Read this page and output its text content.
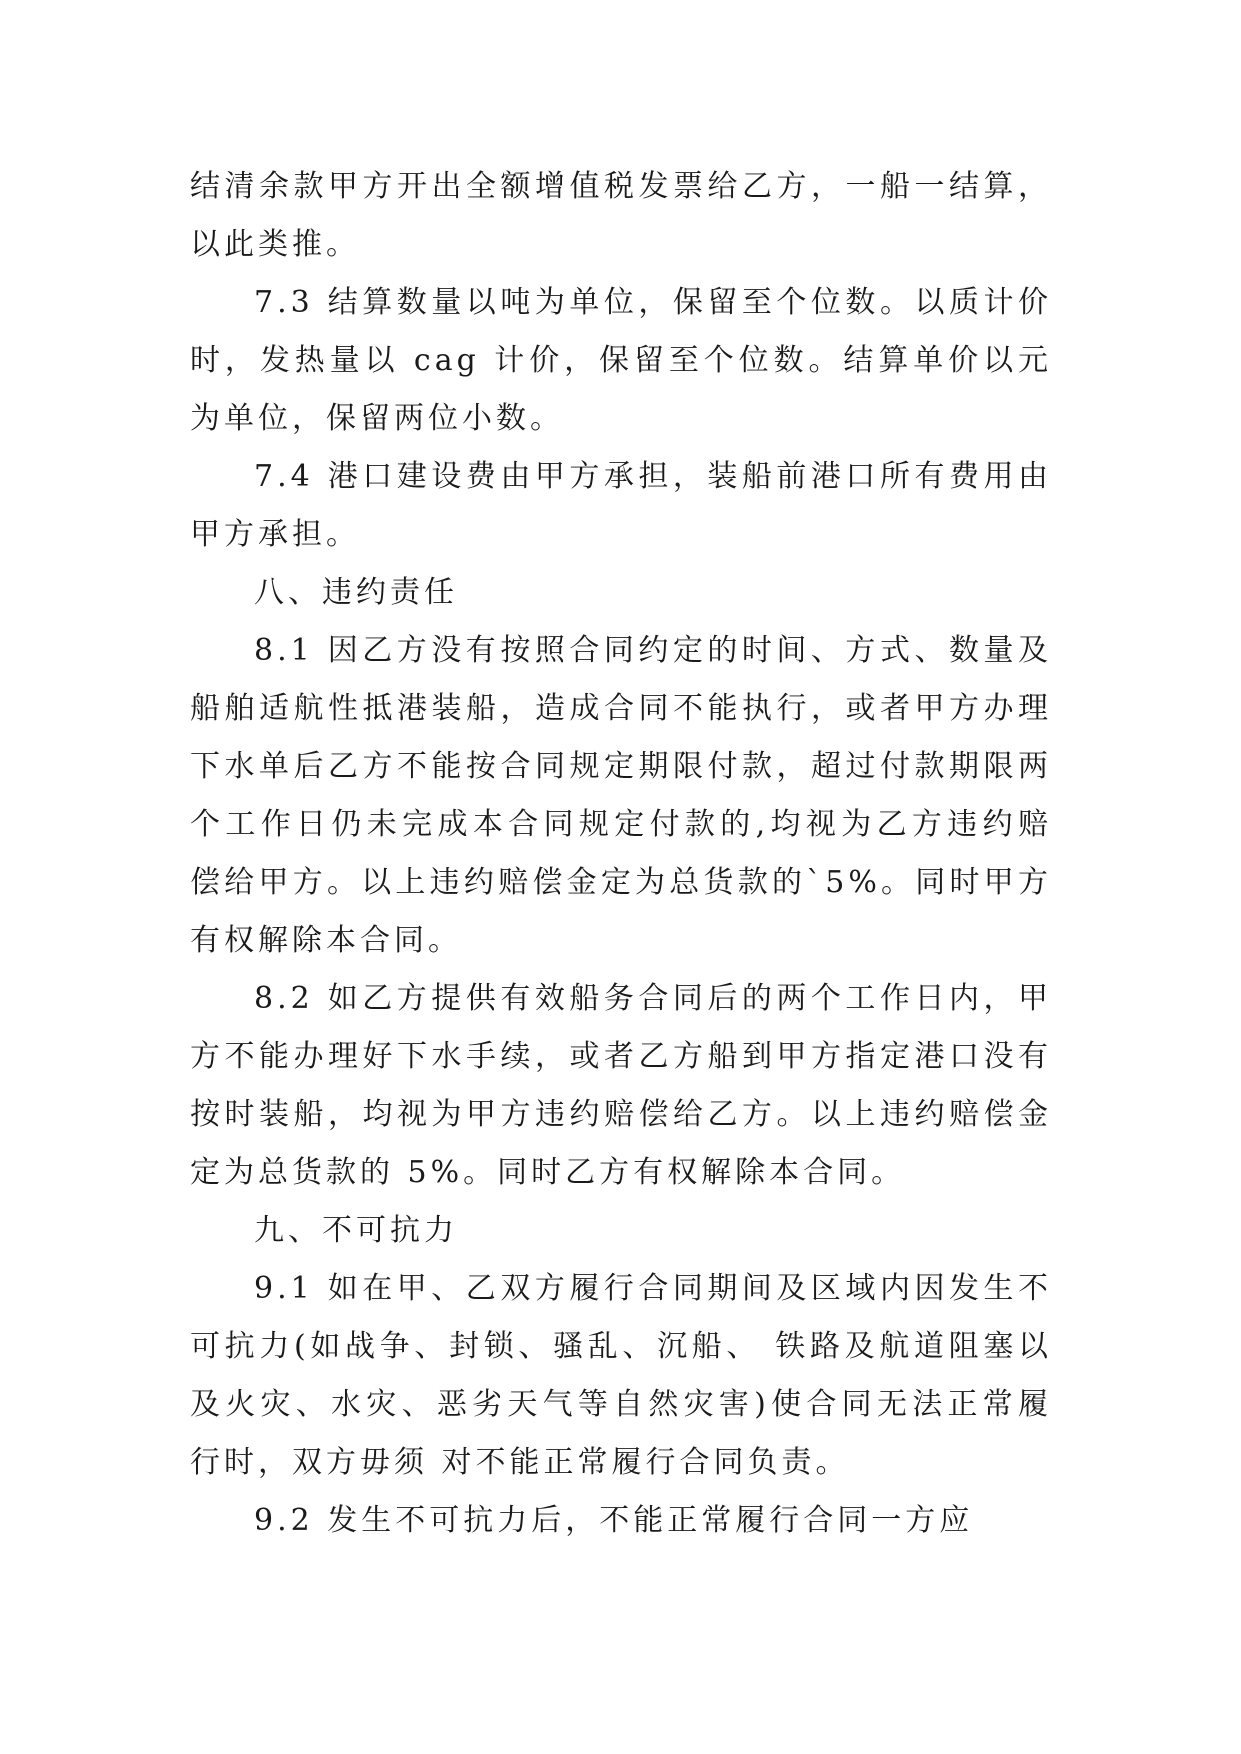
结清余款甲方开出全额增值税发票给乙方，一船一结算，以此类推。

7.3 结算数量以吨为单位，保留至个位数。以质计价时，发热量以 cag 计价，保留至个位数。结算单价以元为单位，保留两位小数。

7.4 港口建设费由甲方承担，装船前港口所有费用由甲方承担。

八、违约责任

8.1 因乙方没有按照合同约定的时间、方式、数量及船舶适航性抵港装船，造成合同不能执行，或者甲方办理下水单后乙方不能按合同规定期限付款，超过付款期限两个工作日仍未完成本合同规定付款的,均视为乙方违约赔偿给甲方。以上违约赔偿金定为总货款的`5%。同时甲方有权解除本合同。

8.2 如乙方提供有效船务合同后的两个工作日内，甲方不能办理好下水手续，或者乙方船到甲方指定港口没有按时装船，均视为甲方违约赔偿给乙方。以上违约赔偿金定为总货款的 5%。同时乙方有权解除本合同。

九、不可抗力

9.1 如在甲、乙双方履行合同期间及区域内因发生不可抗力(如战争、封锁、骚乱、沉船、 铁路及航道阻塞以及火灾、水灾、恶劣天气等自然灾害)使合同无法正常履行时，双方毋须 对不能正常履行合同负责。

9.2 发生不可抗力后，不能正常履行合同一方应
